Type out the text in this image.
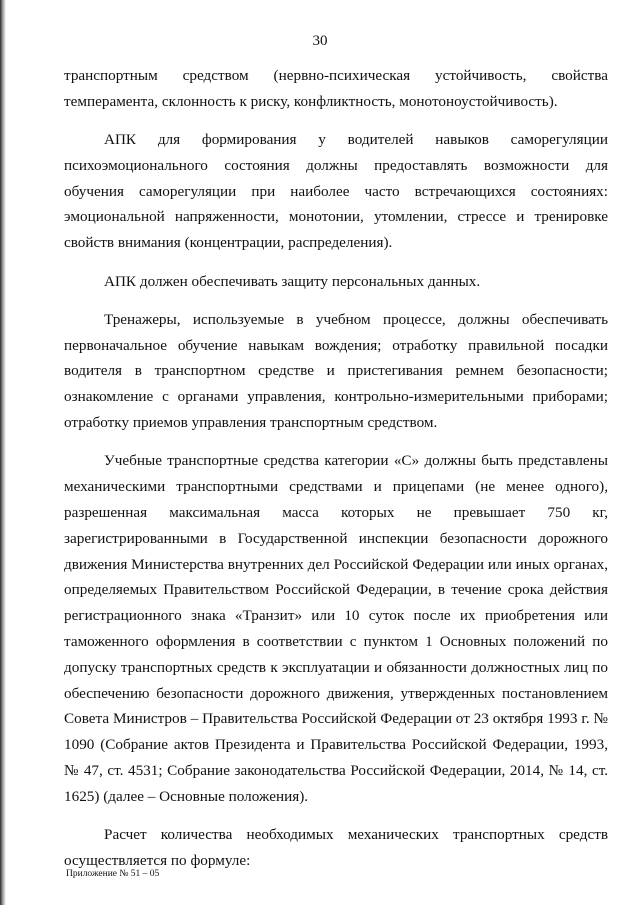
30

транспортным средством (нервно-психическая устойчивость, свойства темперамента, склонность к риску, конфликтность, монотоноустойчивость).

АПК для формирования у водителей навыков саморегуляции психоэмоционального состояния должны предоставлять возможности для обучения саморегуляции при наиболее часто встречающихся состояниях: эмоциональной напряженности, монотонии, утомлении, стрессе и тренировке свойств внимания (концентрации, распределения).

АПК должен обеспечивать защиту персональных данных.

Тренажеры, используемые в учебном процессе, должны обеспечивать первоначальное обучение навыкам вождения; отработку правильной посадки водителя в транспортном средстве и пристегивания ремнем безопасности; ознакомление с органами управления, контрольно-измерительными приборами; отработку приемов управления транспортным средством.

Учебные транспортные средства категории «C» должны быть представлены механическими транспортными средствами и прицепами (не менее одного), разрешенная максимальная масса которых не превышает 750 кг, зарегистрированными в Государственной инспекции безопасности дорожного движения Министерства внутренних дел Российской Федерации или иных органах, определяемых Правительством Российской Федерации, в течение срока действия регистрационного знака «Транзит» или 10 суток после их приобретения или таможенного оформления в соответствии с пунктом 1 Основных положений по допуску транспортных средств к эксплуатации и обязанности должностных лиц по обеспечению безопасности дорожного движения, утвержденных постановлением Совета Министров – Правительства Российской Федерации от 23 октября 1993 г. № 1090 (Собрание актов Президента и Правительства Российской Федерации, 1993, № 47, ст. 4531; Собрание законодательства Российской Федерации, 2014, № 14, ст. 1625) (далее – Основные положения).

Расчет количества необходимых механических транспортных средств осуществляется по формуле:

Приложение № 51 – 05
